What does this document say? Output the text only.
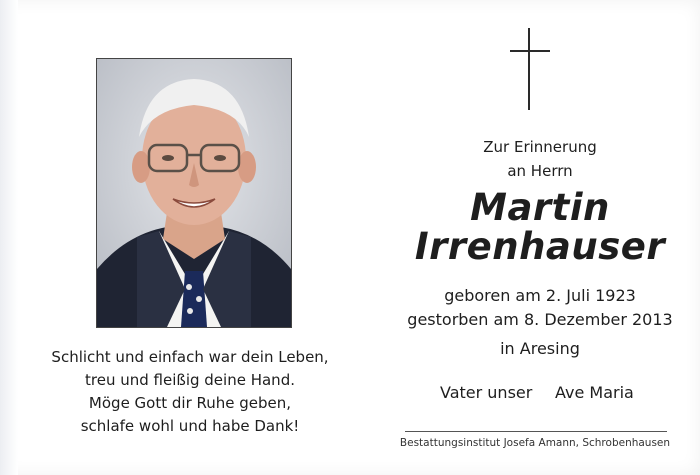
Zur Erinnerung
an Herrn
Martin
Irrenhauser
geboren am 2. Juli 1923
gestorben am 8. Dezember 2013
in Aresing
Vater unser Ave Maria
Schlicht und einfach war dein Leben,
treu und fleißig deine Hand.
Möge Gott dir Ruhe geben,
schlafe wohl und habe Dank!
Bestattungsinstitut Josefa Amann, Schrobenhausen
